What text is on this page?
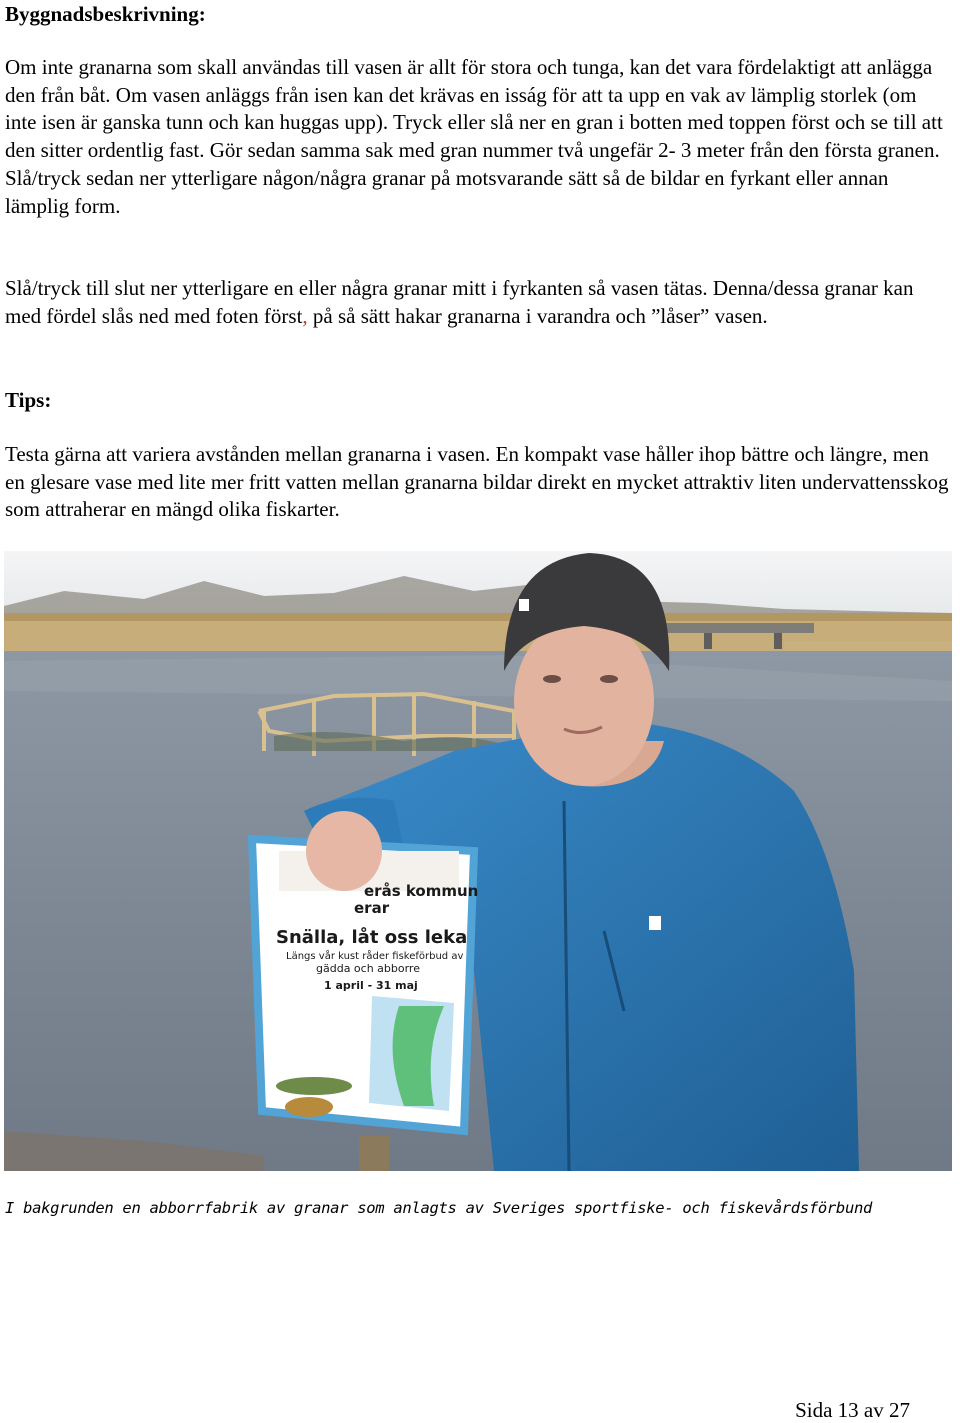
Byggnadsbeskrivning:

Om inte granarna som skall användas till vasen är allt för stora och tunga, kan det vara fördelaktigt att anlägga den från båt. Om vasen anläggs från isen kan det krävas en isság för att ta upp en vak av lämplig storlek (om inte isen är ganska tunn och kan huggas upp). Tryck eller slå ner en gran i botten med toppen först och se till att den sitter ordentlig fast. Gör sedan samma sak med gran nummer två ungefär 2- 3 meter från den första granen. Slå/tryck sedan ner ytterligare någon/några granar på motsvarande sätt så de bildar en fyrkant eller annan lämplig form.

Slå/tryck till slut ner ytterligare en eller några granar mitt i fyrkanten så vasen tätas. Denna/dessa granar kan med fördel slås ned med foten först, på så sätt hakar granarna i varandra och ”låser” vasen.

Tips:

Testa gärna att variera avstånden mellan granarna i vasen. En kompakt vase håller ihop bättre och längre, men en glesare vase med lite mer fritt vatten mellan granarna bildar direkt en mycket attraktiv liten undervattensskog som attraherar en mängd olika fiskarter.

erås kommun
erar
Snälla, låt oss leka
Längs vår kust råder fiskeförbud av
gädda och abborre
1 april - 31 maj
I bakgrunden en abborrfabrik av granar som anlagts av Sveriges sportfiske- och fiskevårdsförbund
Sida 13 av 27
